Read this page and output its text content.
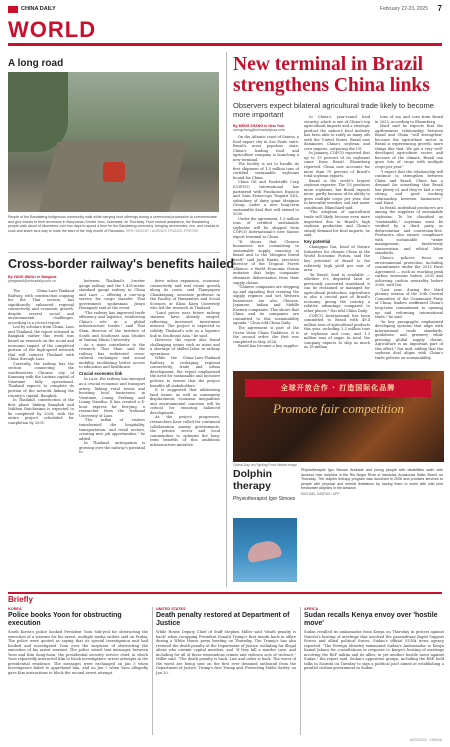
CHINA DAILY	February 22-23, 2025 7
WORLD
A long road
People of the Bandaleng indigenous community walk while carrying food offerings during a ceremonial procession to commemorate and give thanks to their ancestors in Banyumas Central Java, Indonesia, on Thursday. From mutual assistance, the Bandaleng people walk about of kilometers over two days to spend a time for the Bandaleng ceremony, bringing ceremonies, rice, and snacks to cook and share as a way to mark the start of the holy month of Ramadan. VEN HIDAYAT / AGENCE FRANCE-PRESSE
Cross-border railway's benefits hailed
By YANG WANLI in Bangkok
yangwanli@chinadaily.com.cn

The China-Laos-Thailand Railway, with construction ongoing for the Thai section, has significantly enhanced regional connectivity and economic growth, despite several social and environmental challenges, according to a recent report.

Led by scholars from China, Laos and Thailand, the report released in Bangkok earlier this week was based on research on the social and economic impact of the completed portion of the high-speed network that will connect Thailand with China through Laos.

Currently, the railway has the section connecting the southwestern Chinese city of Kunming with the Laotian capital of Vientiane fully operational. Thailand expects to complete its portion of the network linking the country's capital, Bangkok.

In Thailand, construction of the first phase linking Bangkok and Nakhon Ratchasima is expected to be completed by 2028, with the entire project scheduled for completion by 2031.

between Thailand's 3-meter gauge railway and the 1.435-meter standard gauge railway in China and Laos — offering a one-stop service for cargo transfer. Thai government spokesman Jirayu Houngsub said at the event.

"The railway has improved trade efficiency and logistics, reinforcing China's role as a global infrastructure leader," said Thai Shan, director of the Institute of South and Southeast Asia Studies at Yunnan Minzu University.

As a main contributor to the research, Thai Shan said the railway has redirected cross-cultural exchanges and social mobility, facilitating better access to education and healthcare.

Crucial economic link

In Laos, the railway has emerged as a crucial economic and transport artery, linking rural towns and boosting local businesses in Vientiane, Luang Prabang and Luang Namtha. It has created a 4-hour express for ferrying, a researcher from the National University of Laos.

"The influx of visitors transformed the hospitality, transportation, and retail sectors, creating new job opportunities," he added.

In Thailand, anticipation is growing over the railway's potential to

drive urban expansion, economic connectivity and real estate growth along its route, said Thanyaporn Chankrajang, associate professor in the Faculty of Humanities and Social Sciences at Khon Kaen University who led the research in Thailand.

"Land prices near future railway stations have already surged, reflecting increased investment interest. The project is expected to solidify Thailand's role as a logistics hub in Southeast Asia," he said.

However, the report also found challenging issues such as noise and a shortage of skilled labor in railway operations.

While the China-Laos-Thailand Railway is reshaping regional connectivity, trade and urban development, the report emphasized the need for sustainable and inclusive policies to ensure that the project benefits all stakeholders.

It is suggested that addressing land issues, as well as community displacement, economic inequalities and environmental concerns will be critical for ensuring balanced development.

As the project progresses, researchers have called for continued collaboration among governments, the private sector and local communities to optimize the long-term benefits of this ambitious infrastructure initiative.

New terminal in Brazil strengthens China links
Observers expect bilateral agricultural trade likely to become more important
By MENG ZHANG in New York
mengzhang@chinadailyusa.com

On the Atlantic coast of Santos, a food export city in Sao Paulo state, Brazil's most populous state, China's leading food and agriculture company is launching a new terminal.

The facility is set to handle its first shipment of 1.5 million tons of certified sustainable soybeans bound for China.

China Oil and Foodstuffs Corp (COFCO) International has partnered with Fundacion Espacio and Gran Fisioecopo Tinguiri SDL, subsidiary of dairy giant Mengniu Group, under a new long-term sustainable deal that will extend to 2030.

Under the agreement, 1.5 million tons of certified sustainable soybeans will be shipped from COFCO International's new Santos export terminal to China.

"It shows that Chinese businesses are committing to sustainable supply sourcing in Brazil and to the Mengniu brand itself," said Jack Harris, executive director of the Tropical Forest Alliance, a World Economic Forum initiative that helps companies eliminate deforestation from their supply chains.

"Chinese companies are stepping up and signaling that creating the supply regimes and net Western businesses are also Chinese, Japanese, Indian and Middle Eastern companies. This shows that China and its companies are committed to this sustainability agenda," Chun told China Daily.

The agreement is part of the Green Value Chain Taskforce. It is the second order, the first was completed in May 2024.

Brazil has become a key supplier

to China's year-round food security, which is one of China's top agricultural imports and a strategic product the nation's food industry has been able to ratify as many oils with the United States. Brazil now dominates China's soybean and corn imports, outpacing the US.

In January, COFCO reported that up to 15 percent of its soybeans came from Brazil. Bloomberg reported. China now accounts for more than 70 percent of Brazil's total soybean exports.

Brazil is the world's largest soybean exporter. The US produces more soybeans, but Brazil exports more, partly because of its ability to grow multiple crops per year, due to favorable weather, soil and water conditions, Blanchard said.

"The adoption of agricultural trade will likely become even more important due to Brazil's high soybean production and China's steady demand for food imports, he said.

Key potential

Changqun Dai, head of Nature Initiatives for climate China at the World Economic Forum, said the key potential of Brazil is the relatively high yield per unit of area.

"In Brazil, land is available — whether it's degraded land or previously converted wasteland, it can be reclaimed or managed for agricultural production. Agriculture is also a crucial part of Brazil's economy, giving the country a relative advantage compared to other places," Dai told China Daily.

COFCO International has been committed to Brazil with 49.4 million tons of agricultural products this year, including 3.3 million tons of soybeans and corn, and 1.3 million tons of sugar. In total, the company expects to ship as much as 18 million

tons of soy and corn from Brazil in 2025, according to Bloomberg.

Hard said he expects that the agribusiness relationship between Brazil and China "will strengthen" because the agriculture sector in Brazil is experiencing growth, more things like that. We get a very well-developed agriculture sector, and because of the climate, Brazil can grow lots of crops with multiple crops per year."

"I expect that the relationship will continue to strengthen between China and Brazil. China has a demand for something that Brazil has plenty of, and they've had a very strong and good working relationship between businesses," said Hard.

In Brazil, individual producers are among the suppliers of sustainable soybeans. To be classified as "sustainable," soybeans must be verified by a third party as deforestation- and conversion-free. Producers also ensure compliance with sustainable "water management, biodiversity conservation and ethical labor standards.

China's policies focus on environmental protection, including commitments under the 2015 Paris Agreement — such as reaching peak carbon emissions before 2030 and achieving carbon neutrality before 2060, said Dai.

"Last year, during the third plenary session of the 20th Central Committee of the Communist Party of China, leaders reaffirmed China's long-term commitment to opening up and reforming international trade," he said.

"In key paragraphs emphasized developing systems that align with international trade standards, guidelines, and greenery while pressing global supply chains. Agriculture is an important part of this effort," Dai said, adding that the soybean deal aligns with China's trade policies on sustainability.

全球开放合作 · 打造国际化品牌
Promote fair competition
Global Day on Fighting Food Waste Image
Dolphin therapy
Physiotherapist Igor Simoes
Physiotherapist Igor Simoes Andrade and young people with disabilities swim with Amazon river dolphins in the Rio Negro River in Iranduba, Amazonas State, Brazil, on Thursday. The dolphin therapy program was launched in 2006 and provides services to people with physical and mental limitations by having them to swim with wild pink freshwater dolphins in the Amazon.
MICHAEL DANTAS / AFP
Briefly
KOREA
Police books Yoon for obstructing execution
South Korea's police booked President Yoon Suk-yeol for obstructing the execution of a warrant for his arrest, multiple media outlets said on Friday. The police were quoted as saying that its special investigation unit had booked and investigated Yoon over the suspicion of obstructing the execution of his arrest warrant. The police seized text messages between Yoon and Kim Sung-hoon, the presidential security service chief, in which Yoon reportedly instructed Kim to block investigators' arrest attempts in the presidential residence. The messages were exchanged on Jan 3 when investigators failed to apprehend him, and on Jan 7 when Yoon allegedly gave Kim instructions to block the second arrest attempt.
UNITED STATES
Death penalty restored at Department of Justice
While House Deputy Chief of Staff Stephen Miller said "death penalty is back" when recapping President Donald Trump's first month back in office during a White House press briefing on Thursday. The Trump's has also restored the death penalty at the Department of Justice, including for illegal aliens who commit capital murders, and "if they kill a murder case, and including for all of these tremendous crimes and violence acts of violence," Miller said. "The death penalty is back. Law and order is back. The worst of the worst are being sent on the first ever detained outbound from the Department of Justice. Trump's first Trump and 'Protecting Public Safety' on Jan 20.
AFRICA
Sudan recalls Kenya envoy over 'hostile move'
Sudan recalled its ambassador from Kenya on Thursday in protest against Nairobi's hosting of meetings that involved the paramilitary Rapid Support Forces and allied political forces, Sudan's official SUNA news agency reported. "The Foreign Ministry summoned Sudan's Ambassador to Kenya Kamal Jabara for consultations in response to Kenya's hosting of meetings involving the RSF militia and its allies, in yet another hostile move against Sudan," the report said. Sudan's opposition groups, including the RSF, held talks in Nairobi on Tuesday to sign a political pact aimed at establishing a parallel civilian government in Sudan.
AGENCIES · XINHUA
